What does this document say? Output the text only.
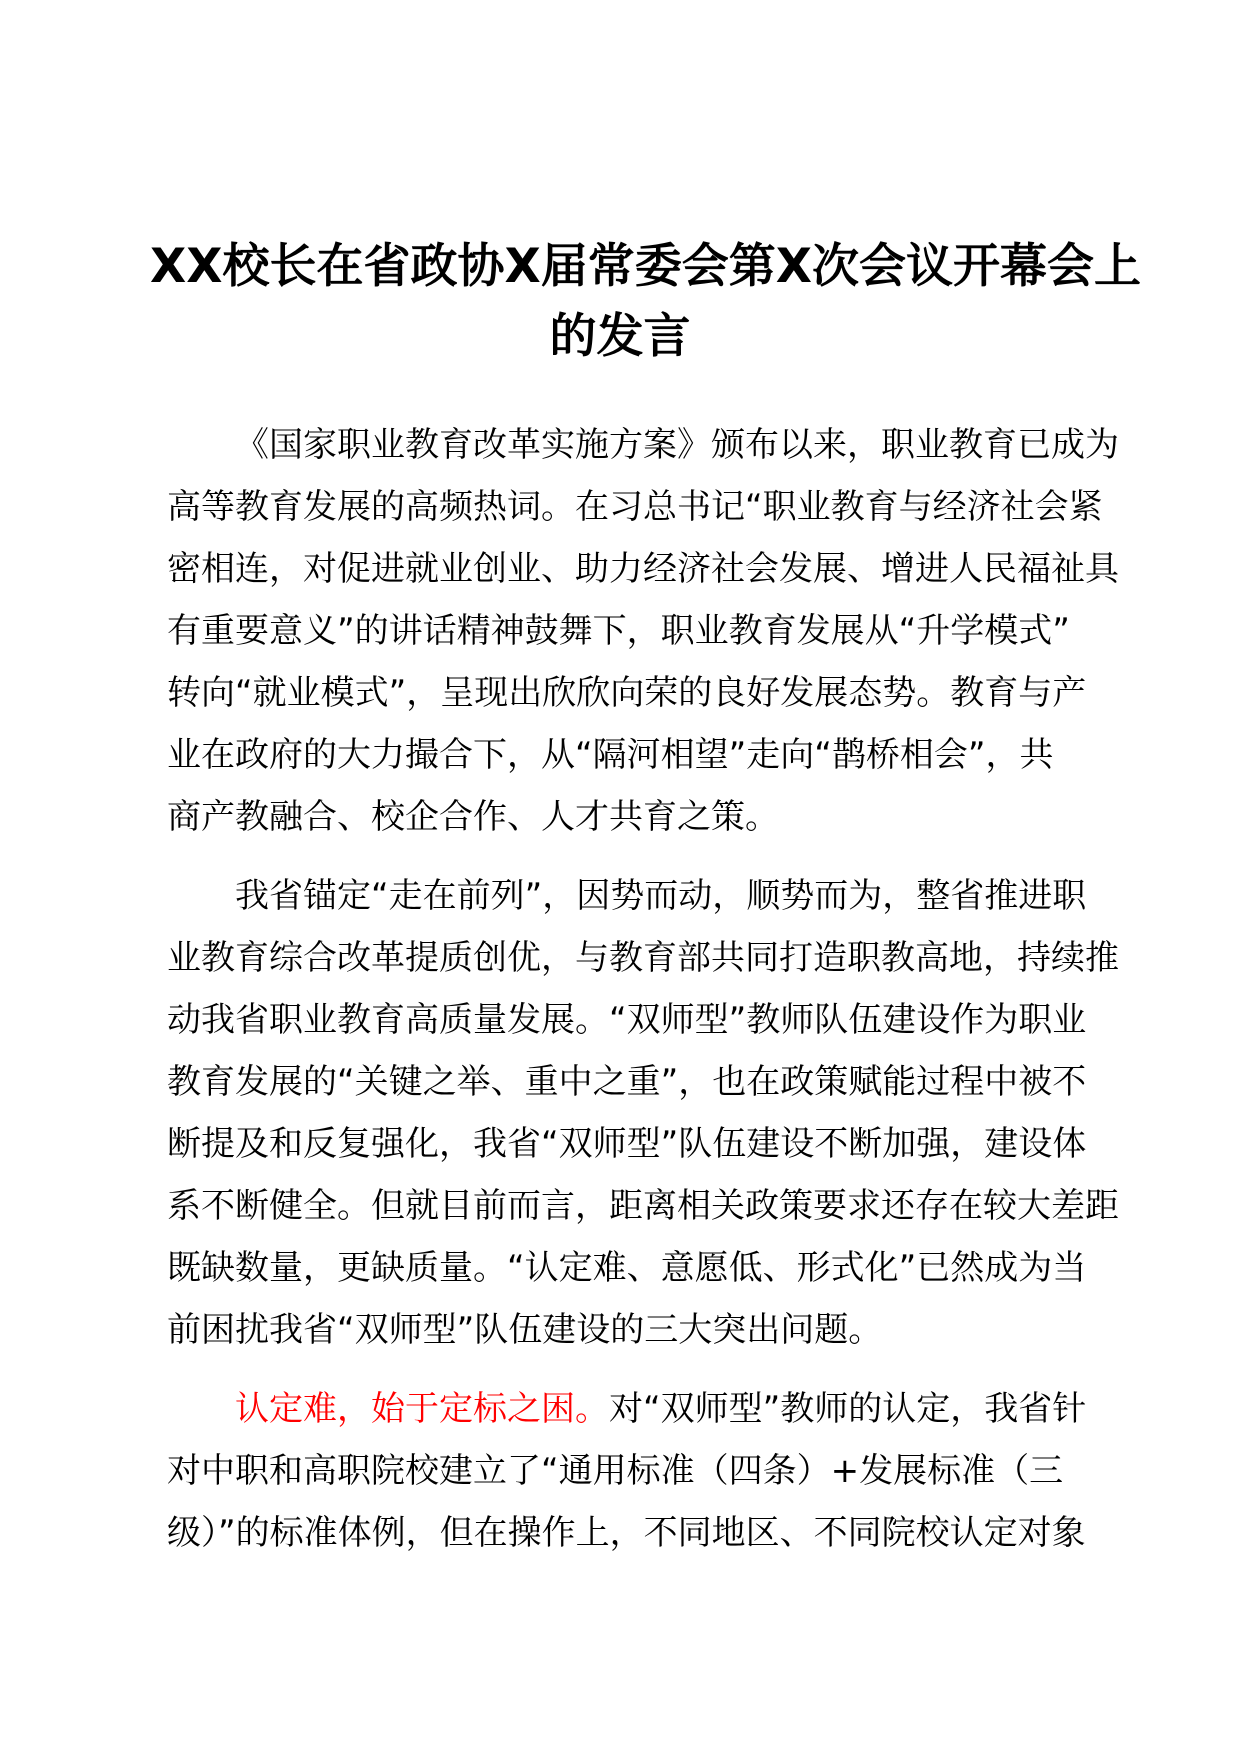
XX校长在省政协X届常委会第X次会议开幕会上
的发言

《国家职业教育改革实施方案》颁布以来，职业教育已成为
高等教育发展的高频热词。在习总书记“职业教育与经济社会紧
密相连，对促进就业创业、助力经济社会发展、增进人民福祉具
有重要意义”的讲话精神鼓舞下，职业教育发展从“升学模式”
转向“就业模式”，呈现出欣欣向荣的良好发展态势。教育与产
业在政府的大力撮合下，从“隔河相望”走向“鹊桥相会”，共
商产教融合、校企合作、人才共育之策。

我省锚定“走在前列”，因势而动，顺势而为，整省推进职
业教育综合改革提质创优，与教育部共同打造职教高地，持续推
动我省职业教育高质量发展。“双师型”教师队伍建设作为职业
教育发展的“关键之举、重中之重”，也在政策赋能过程中被不
断提及和反复强化，我省“双师型”队伍建设不断加强，建设体
系不断健全。但就目前而言，距离相关政策要求还存在较大差距
既缺数量，更缺质量。“认定难、意愿低、形式化”已然成为当
前困扰我省“双师型”队伍建设的三大突出问题。

认定难，始于定标之困。对“双师型”教师的认定，我省针
对中职和高职院校建立了“通用标准（四条）+发展标准（三
级）”的标准体例，但在操作上，不同地区、不同院校认定对象
